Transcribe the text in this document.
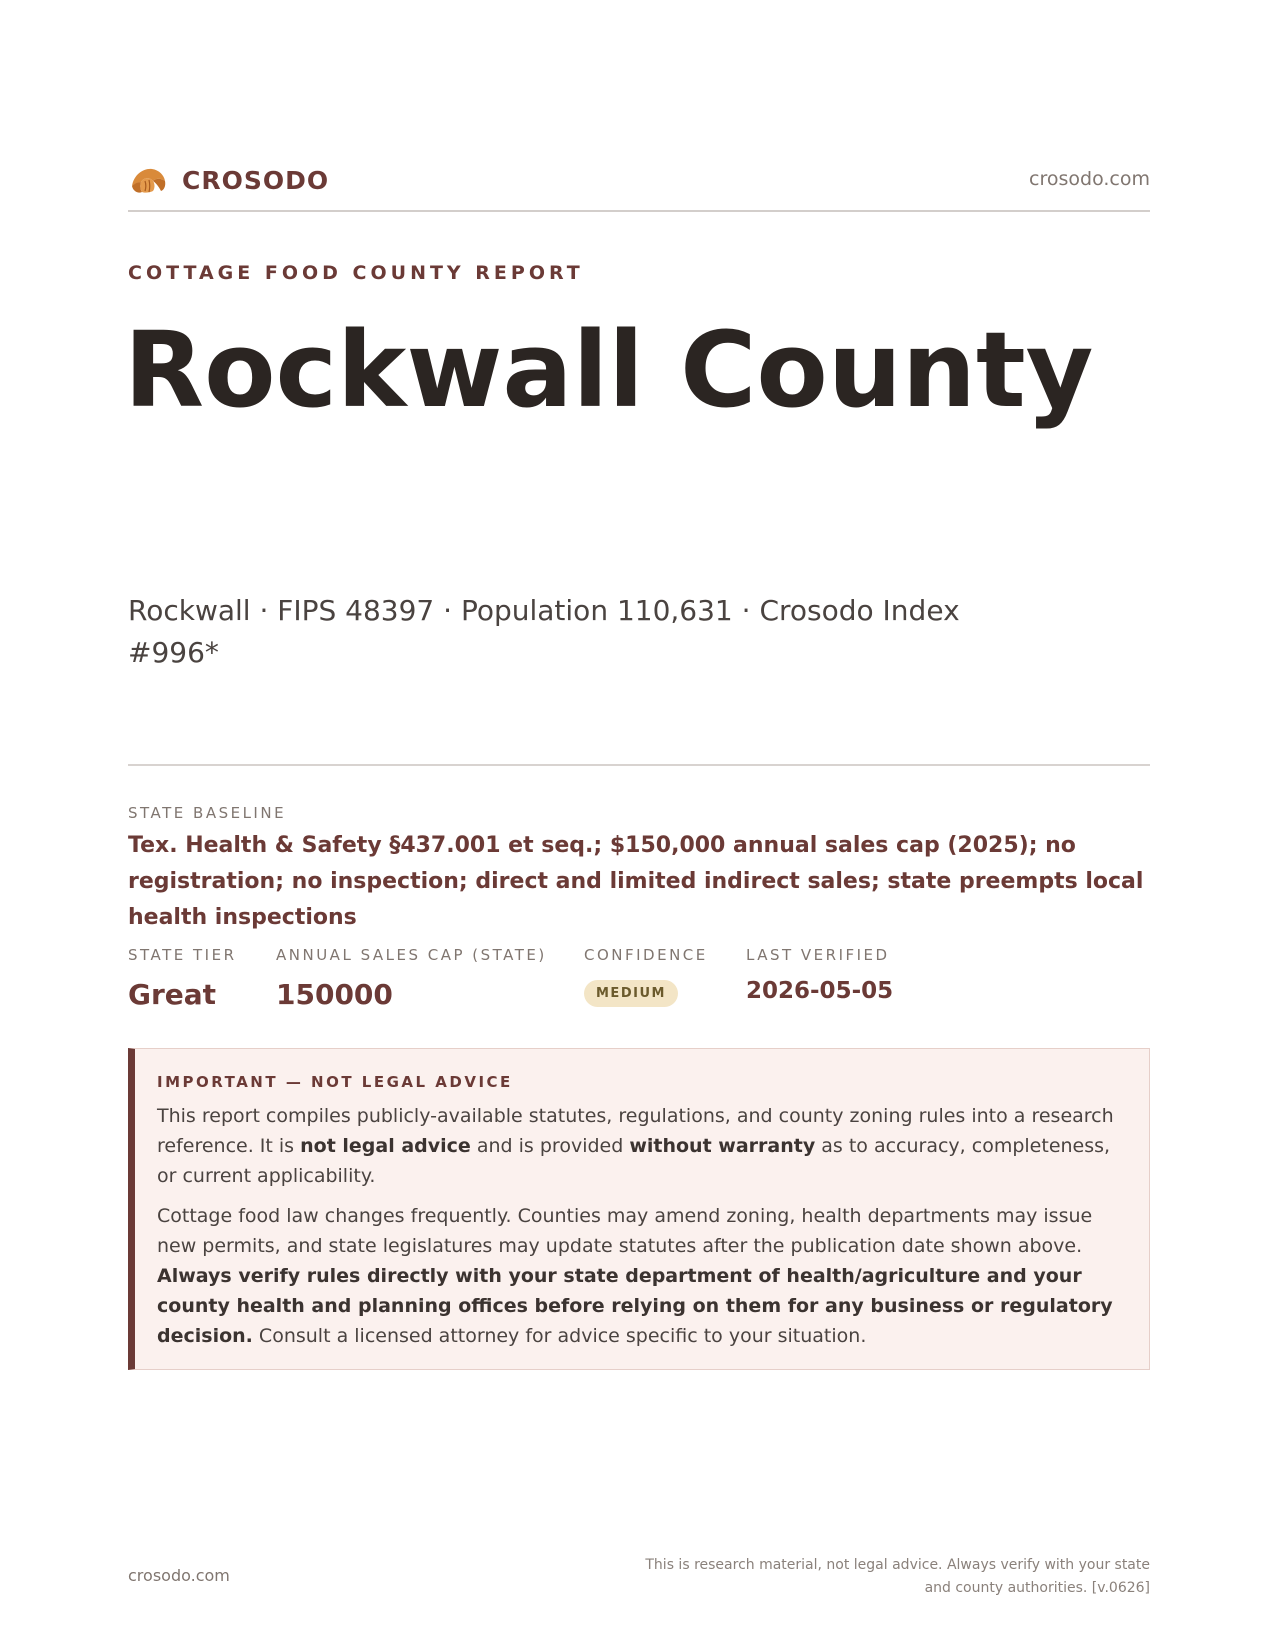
CROSODO	crosodo.com
COTTAGE FOOD COUNTY REPORT
Rockwall County
Rockwall · FIPS 48397 · Population 110,631 · Crosodo Index #996*
STATE BASELINE
Tex. Health & Safety §437.001 et seq.; $150,000 annual sales cap (2025); no registration; no inspection; direct and limited indirect sales; state preempts local health inspections
STATE TIER
Great
ANNUAL SALES CAP (STATE)
150000
CONFIDENCE
MEDIUM
LAST VERIFIED
2026-05-05
IMPORTANT — NOT LEGAL ADVICE

This report compiles publicly-available statutes, regulations, and county zoning rules into a research reference. It is not legal advice and is provided without warranty as to accuracy, completeness, or current applicability.

Cottage food law changes frequently. Counties may amend zoning, health departments may issue new permits, and state legislatures may update statutes after the publication date shown above. Always verify rules directly with your state department of health/agriculture and your county health and planning offices before relying on them for any business or regulatory decision. Consult a licensed attorney for advice specific to your situation.

crosodo.com
This is research material, not legal advice. Always verify with your state
and county authorities. [v.0626]
